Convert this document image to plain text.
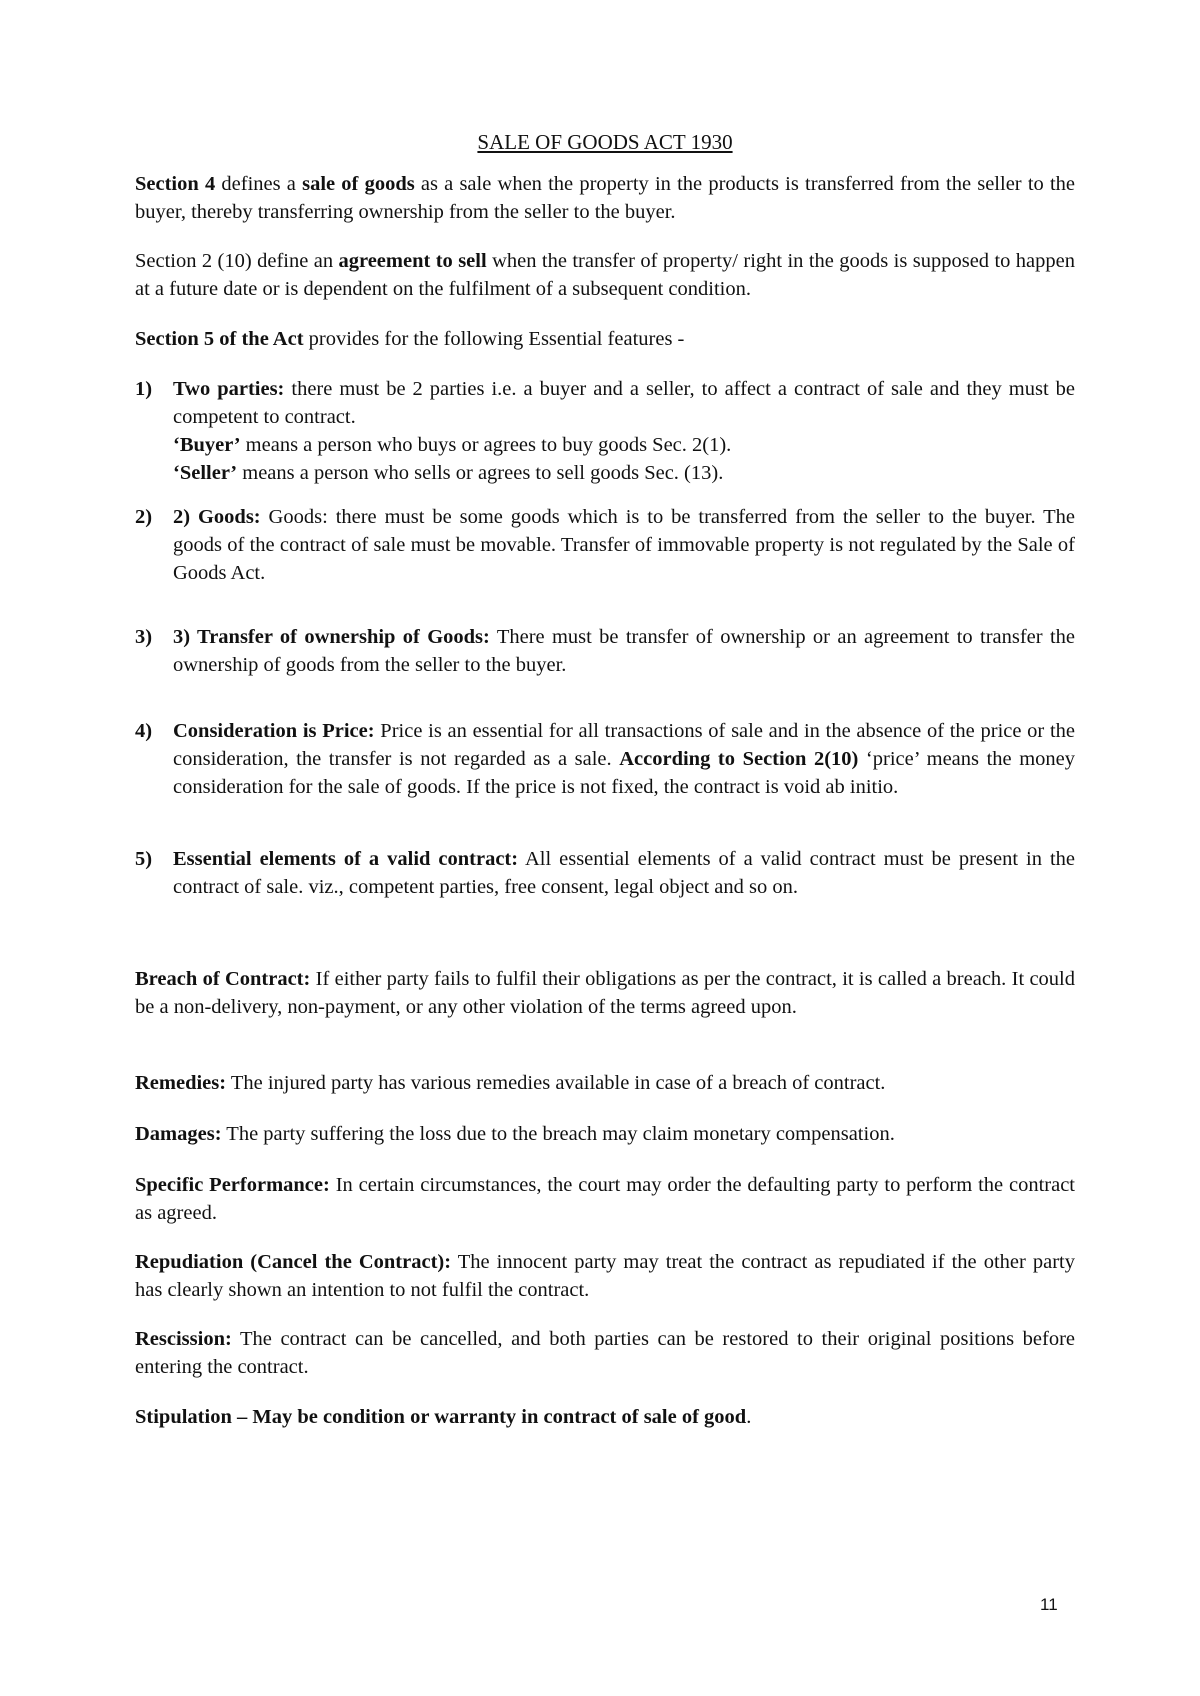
SALE OF GOODS ACT 1930

Section 4 defines a sale of goods as a sale when the property in the products is transferred from the seller to the buyer, thereby transferring ownership from the seller to the buyer.

Section 2 (10) define an agreement to sell when the transfer of property/ right in the goods is supposed to happen at a future date or is dependent on the fulfilment of a subsequent condition.

Section 5 of the Act provides for the following Essential features -

1) Two parties: there must be 2 parties i.e. a buyer and a seller, to affect a contract of sale and they must be competent to contract.
‘Buyer’ means a person who buys or agrees to buy goods Sec. 2(1).
‘Seller’ means a person who sells or agrees to sell goods Sec. (13).
2) 2) Goods: Goods: there must be some goods which is to be transferred from the seller to the buyer. The goods of the contract of sale must be movable. Transfer of immovable property is not regulated by the Sale of Goods Act.
3) 3) Transfer of ownership of Goods: There must be transfer of ownership or an agreement to transfer the ownership of goods from the seller to the buyer.
4) Consideration is Price: Price is an essential for all transactions of sale and in the absence of the price or the consideration, the transfer is not regarded as a sale. According to Section 2(10) ‘price’ means the money consideration for the sale of goods. If the price is not fixed, the contract is void ab initio.
5) Essential elements of a valid contract: All essential elements of a valid contract must be present in the contract of sale. viz., competent parties, free consent, legal object and so on.

Breach of Contract: If either party fails to fulfil their obligations as per the contract, it is called a breach. It could be a non-delivery, non-payment, or any other violation of the terms agreed upon.

Remedies: The injured party has various remedies available in case of a breach of contract.

Damages: The party suffering the loss due to the breach may claim monetary compensation.

Specific Performance: In certain circumstances, the court may order the defaulting party to perform the contract as agreed.

Repudiation (Cancel the Contract): The innocent party may treat the contract as repudiated if the other party has clearly shown an intention to not fulfil the contract.

Rescission: The contract can be cancelled, and both parties can be restored to their original positions before entering the contract.

Stipulation – May be condition or warranty in contract of sale of good.

11
